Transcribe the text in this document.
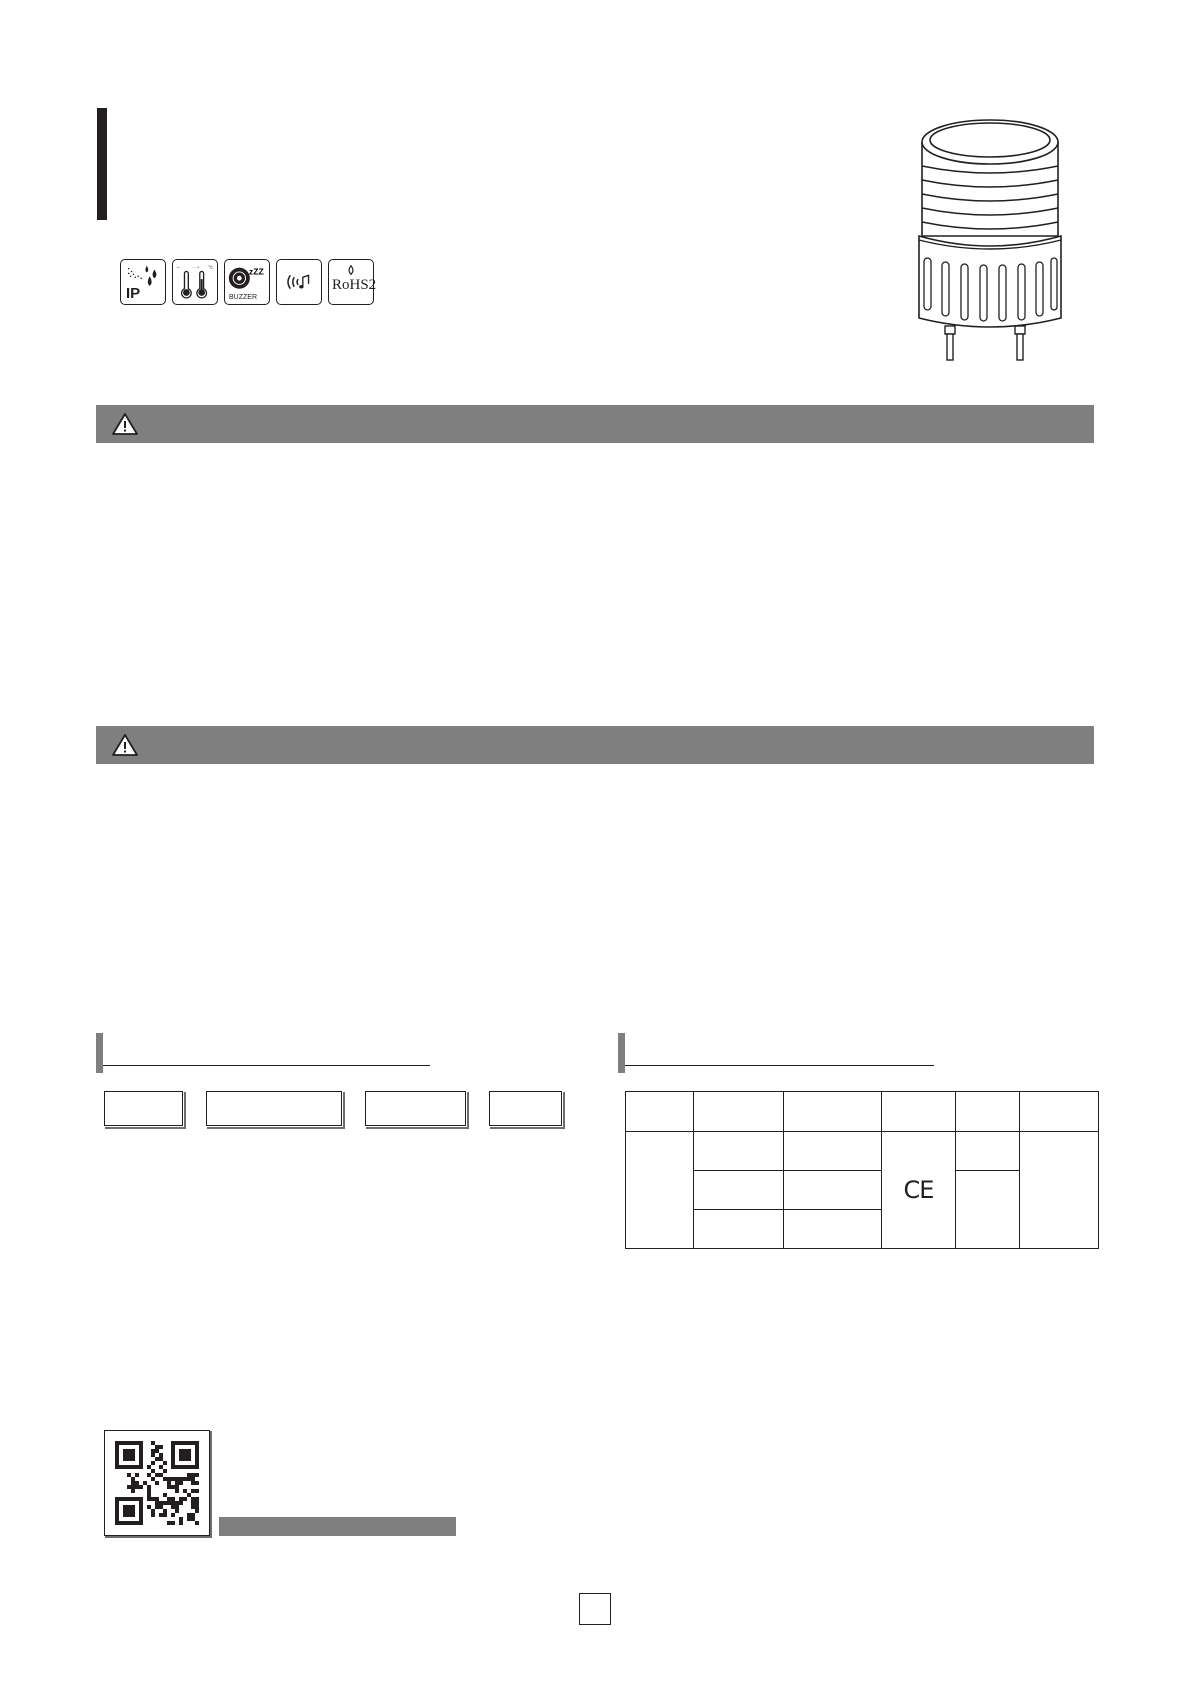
IP
–	··· + °c	zZZ
BUZZER
RoHS2

			CE		
